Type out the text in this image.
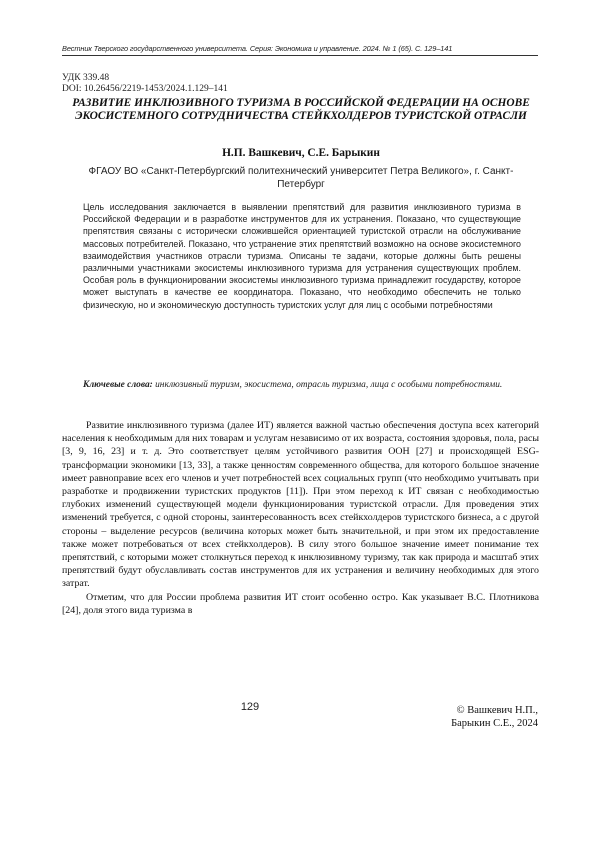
Вестник Тверского государственного университета. Серия: Экономика и управление. 2024. № 1 (65). С. 129–141
УДК 339.48
DOI: 10.26456/2219-1453/2024.1.129–141
РАЗВИТИЕ ИНКЛЮЗИВНОГО ТУРИЗМА В РОССИЙСКОЙ ФЕДЕРАЦИИ НА ОСНОВЕ ЭКОСИСТЕМНОГО СОТРУДНИЧЕСТВА СТЕЙКХОЛДЕРОВ ТУРИСТСКОЙ ОТРАСЛИ
Н.П. Вашкевич, С.Е. Барыкин
ФГАОУ ВО «Санкт-Петербургский политехнический университет Петра Великого», г. Санкт-Петербург

Цель исследования заключается в выявлении препятствий для развития инклюзивного туризма в Российской Федерации и в разработке инструментов для их устранения. Показано, что существующие препятствия связаны с исторически сложившейся ориентацией туристской отрасли на обслуживание массовых потребителей. Показано, что устранение этих препятствий возможно на основе экосистемного взаимодействия участников отрасли туризма. Описаны те задачи, которые должны быть решены различными участниками экосистемы инклюзивного туризма для устранения существующих проблем. Особая роль в функционировании экосистемы инклюзивного туризма принадлежит государству, которое может выступать в качестве ее координатора. Показано, что необходимо обеспечить не только физическую, но и экономическую доступность туристских услуг для лиц с особыми потребностями

Ключевые слова: инклюзивный туризм, экосистема, отрасль туризма, лица с особыми потребностями.

Развитие инклюзивного туризма (далее ИТ) является важной частью обеспечения доступа всех категорий населения к необходимым для них товарам и услугам независимо от их возраста, состояния здоровья, пола, расы [3, 9, 16, 23] и т. д. Это соответствует целям устойчивого развития ООН [27] и происходящей ESG-трансформации экономики [13, 33], а также ценностям современного общества, для которого большое значение имеет равноправие всех его членов и учет потребностей всех социальных групп (что необходимо учитывать при разработке и продвижении туристских продуктов [11]). При этом переход к ИТ связан с необходимостью глубоких изменений существующей модели функционирования туристской отрасли. Для проведения этих изменений требуется, с одной стороны, заинтересованность всех стейкхолдеров туристского бизнеса, а с другой стороны – выделение ресурсов (величина которых может быть значительной, и при этом их предоставление также может потребоваться от всех стейкхолдеров). В силу этого большое значение имеет понимание тех препятствий, с которыми может столкнуться переход к инклюзивному туризму, так как природа и масштаб этих препятствий будут обуславливать состав инструментов для их устранения и величину необходимых для этого затрат.

Отметим, что для России проблема развития ИТ стоит особенно остро. Как указывает В.С. Плотникова [24], доля этого вида туризма в

129	© Вашкевич Н.П.,
Барыкин С.Е., 2024
